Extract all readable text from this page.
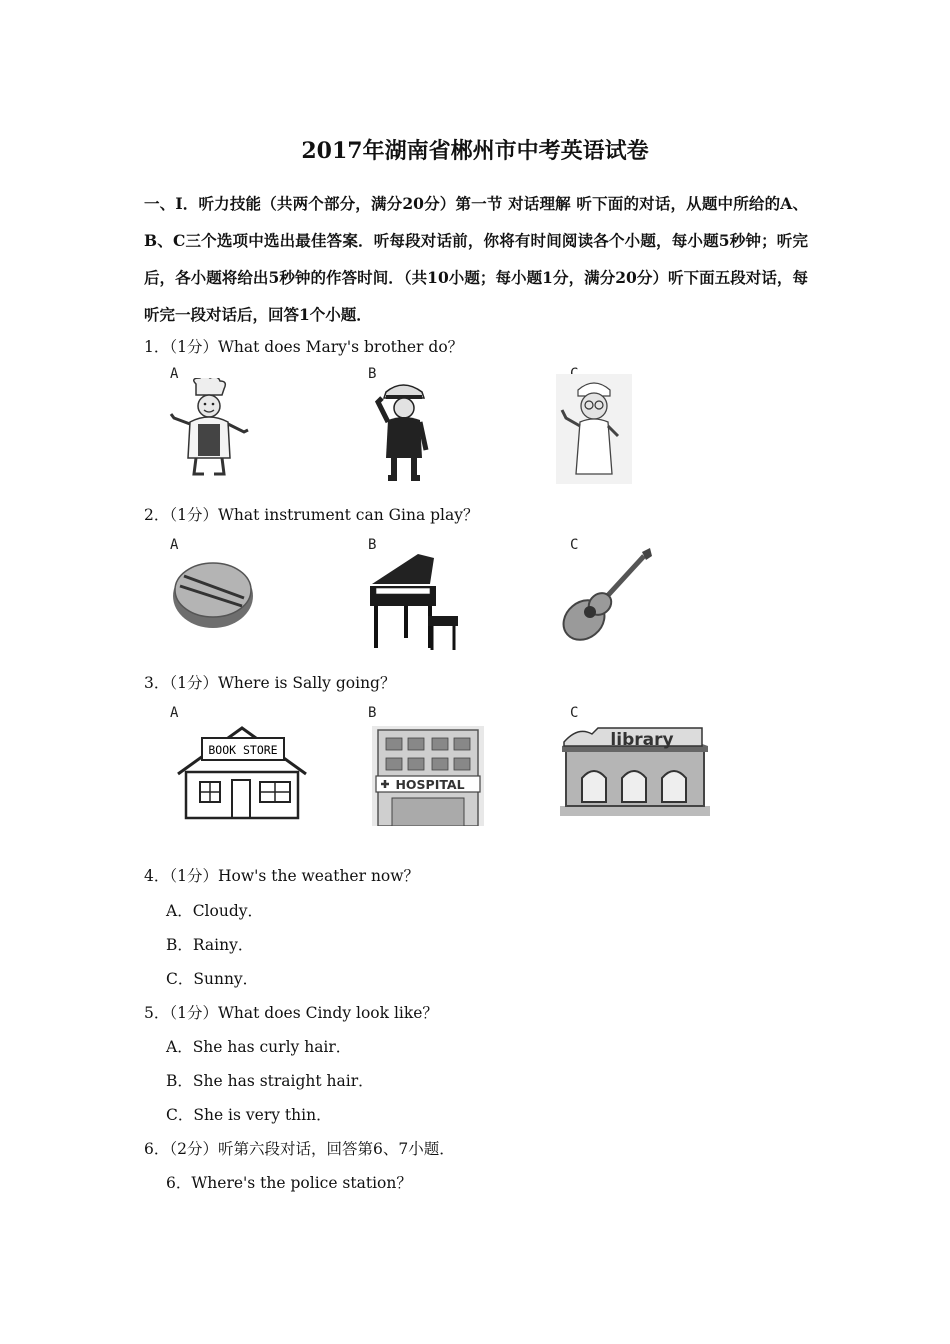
2017年湖南省郴州市中考英语试卷
一、Ⅰ．听力技能（共两个部分，满分20分）第一节 对话理解 听下面的对话，从题中所给的A、B、C三个选项中选出最佳答案．听每段对话前，你将有时间阅读各个小题，每小题5秒钟；听完后，各小题将给出5秒钟的作答时间．（共10小题；每小题1分，满分20分）听下面五段对话，每听完一段对话后，回答1个小题．
1．（1分）What does Mary's brother do？
A	B
2．（1分）What instrument can Gina play？
A	B	C
3．（1分）Where is Sally going？
A
BOOK STORE
B
HOSPITAL
C
library
4．（1分）How's the weather now？
A．Cloudy．
B．Rainy．
C．Sunny．
5．（1分）What does Cindy look like？
A．She has curly hair．
B．She has straight hair．
C．She is very thin．
6．（2分）听第六段对话，回答第6、7小题．
6．Where's the police station？
